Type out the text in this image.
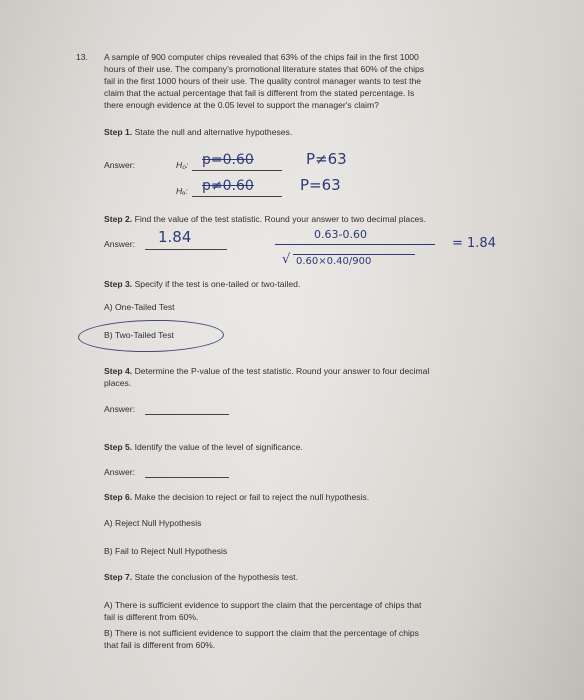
13. A sample of 900 computer chips revealed that 63% of the chips fail in the first 1000
hours of their use. The company's promotional literature states that 60% of the chips
fail in the first 1000 hours of their use. The quality control manager wants to test the
claim that the actual percentage that fail is different from the stated percentage. Is
there enough evidence at the 0.05 level to support the manager's claim?
Step 1. State the null and alternative hypotheses.
Answer:	H₀: p=0.60	P≠63
Hₐ: p≠0.60	P=63
Step 2. Find the value of the test statistic. Round your answer to two decimal places.
Answer: 1.84	0.63-0.60
√ 0.60×0.40/900
= 1.84
Step 3. Specify if the test is one-tailed or two-tailed.
A) One-Tailed Test
B) Two-Tailed Test
Step 4. Determine the P-value of the test statistic. Round your answer to four decimal
places.
Answer:
Step 5. Identify the value of the level of significance.
Answer:
Step 6. Make the decision to reject or fail to reject the null hypothesis.
A) Reject Null Hypothesis
B) Fail to Reject Null Hypothesis
Step 7. State the conclusion of the hypothesis test.
A) There is sufficient evidence to support the claim that the percentage of chips that
fail is different from 60%.
B) There is not sufficient evidence to support the claim that the percentage of chips
that fail is different from 60%.
